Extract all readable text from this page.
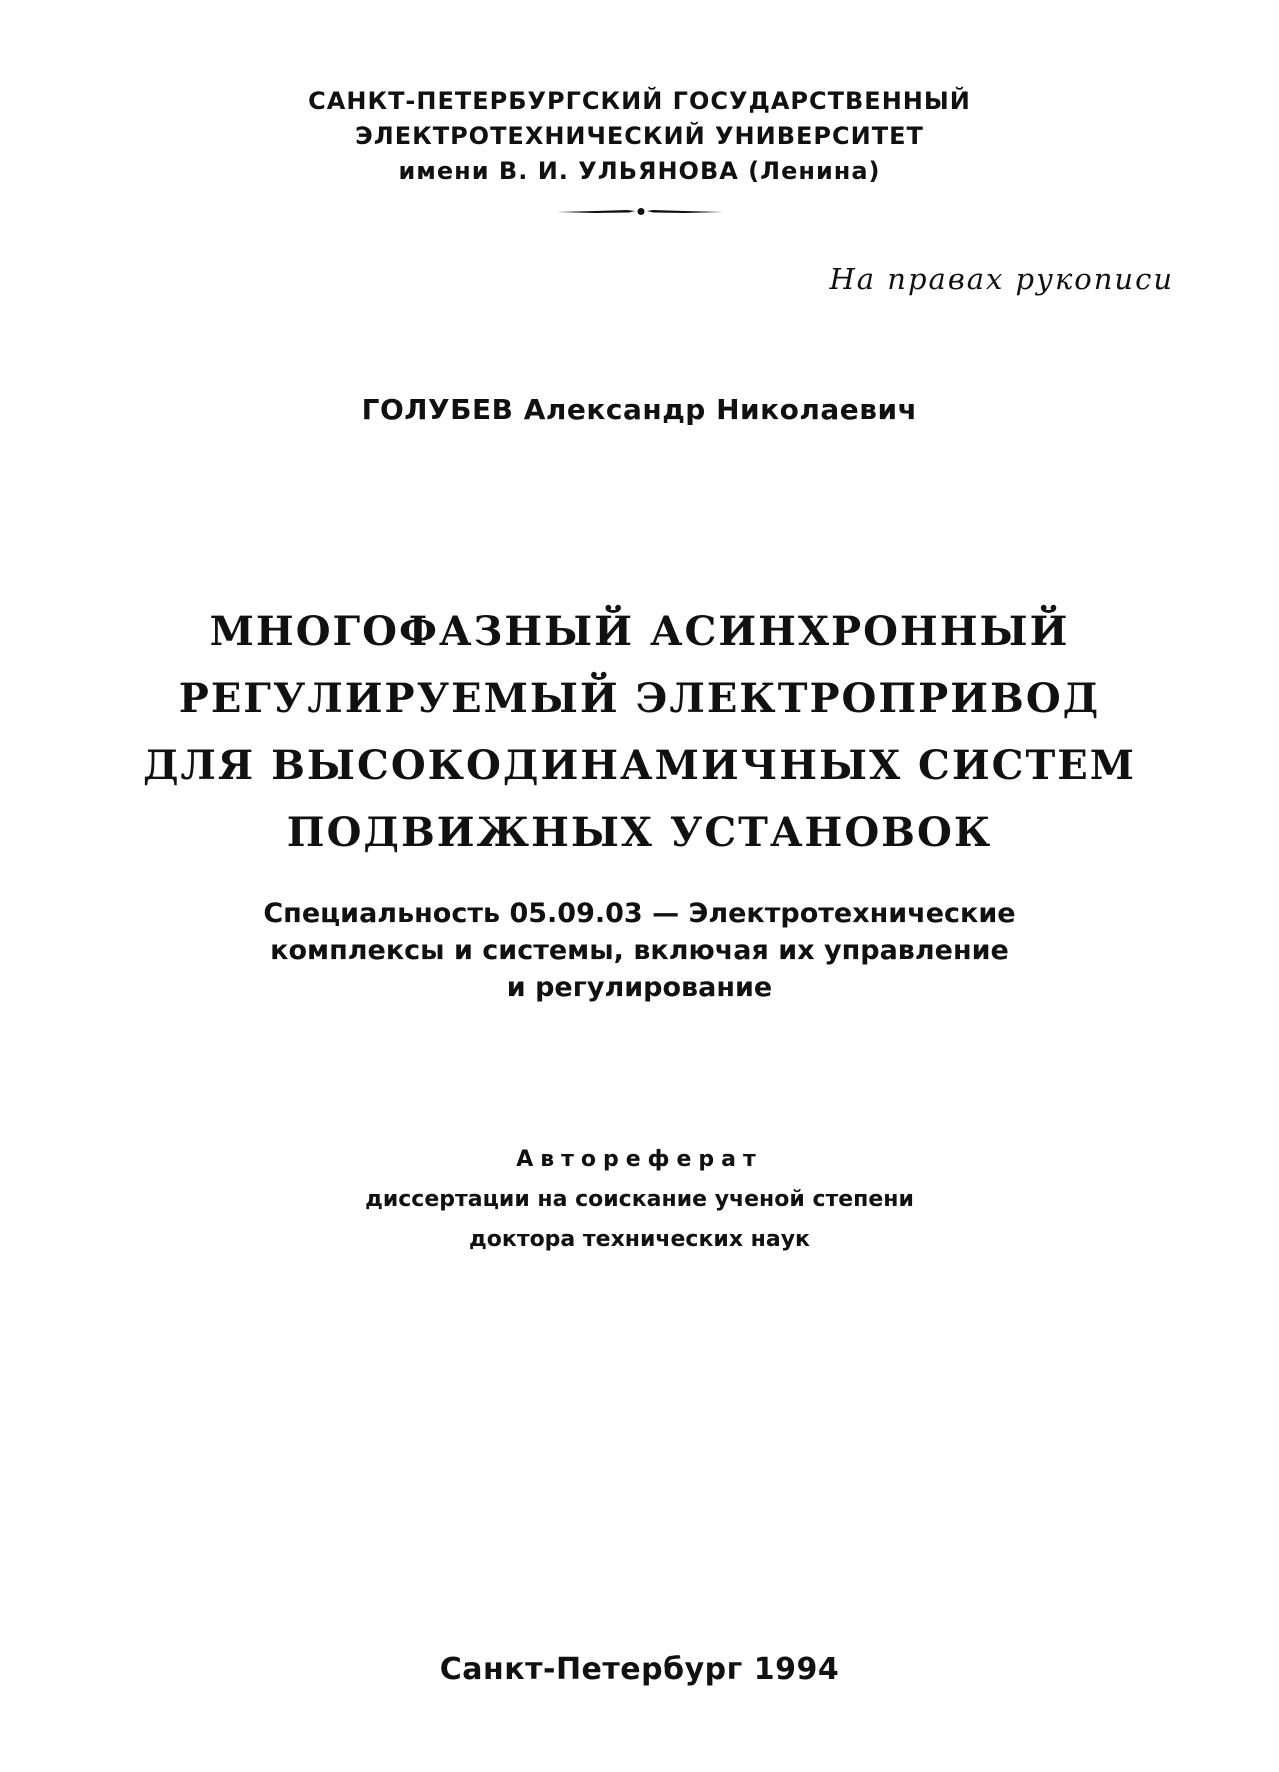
САНКТ-ПЕТЕРБУРГСКИЙ ГОСУДАРСТВЕННЫЙ
ЭЛЕКТРОТЕХНИЧЕСКИЙ УНИВЕРСИТЕТ
имени В. И. УЛЬЯНОВА (Ленина)
На правах рукописи
ГОЛУБЕВ Александр Николаевич
МНОГОФАЗНЫЙ АСИНХРОННЫЙ
РЕГУЛИРУЕМЫЙ ЭЛЕКТРОПРИВОД
ДЛЯ ВЫСОКОДИНАМИЧНЫХ СИСТЕМ
ПОДВИЖНЫХ УСТАНОВОК
Специальность 05.09.03 — Электротехнические
комплексы и системы, включая их управление
и регулирование
Автореферат
диссертации на соискание ученой степени
доктора технических наук
Санкт-Петербург 1994
